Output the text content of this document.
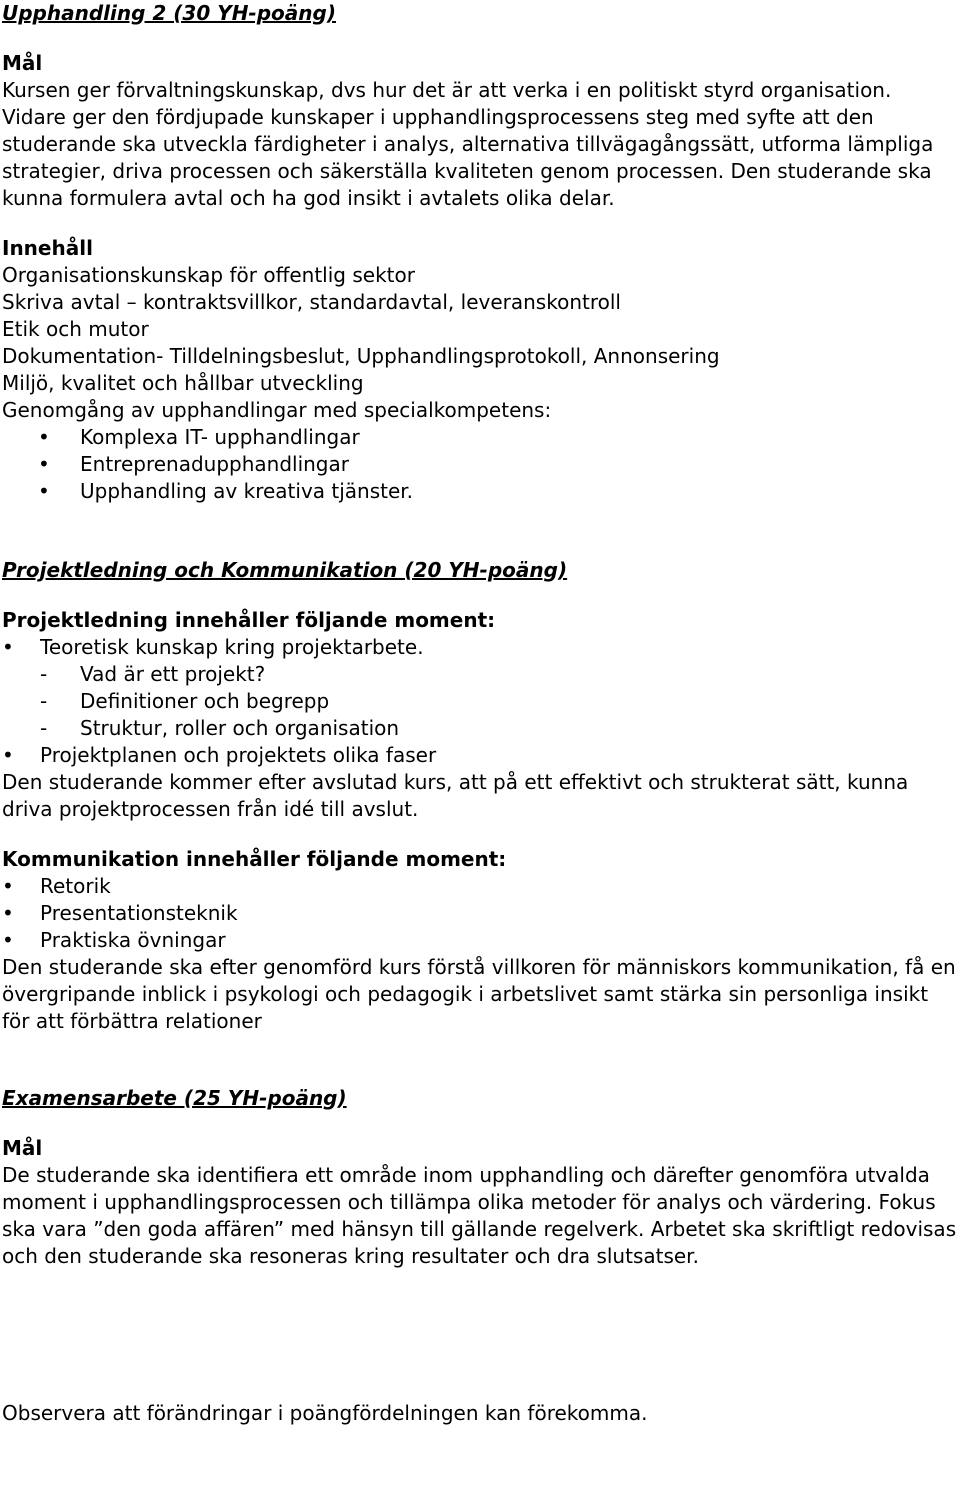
Upphandling 2 (30 YH-poäng)

Mål

Kursen ger förvaltningskunskap, dvs hur det är att verka i en politiskt styrd organisation. Vidare ger den fördjupade kunskaper i upphandlingsprocessens steg med syfte att den studerande ska utveckla färdigheter i analys, alternativa tillvägagångssätt, utforma lämpliga strategier, driva processen och säkerställa kvaliteten genom processen. Den studerande ska kunna formulera avtal och ha god insikt i avtalets olika delar.

Innehåll

Organisationskunskap för offentlig sektor

Skriva avtal – kontraktsvillkor, standardavtal, leveranskontroll

Etik och mutor

Dokumentation- Tilldelningsbeslut, Upphandlingsprotokoll, Annonsering

Miljö, kvalitet och hållbar utveckling

Genomgång av upphandlingar med specialkompetens:

• Komplexa IT- upphandlingar
• Entreprenadupphandlingar
• Upphandling av kreativa tjänster.
Projektledning och Kommunikation (20 YH-poäng)

Projektledning innehåller följande moment:

• Teoretisk kunskap kring projektarbete.
- Vad är ett projekt?
- Definitioner och begrepp
- Struktur, roller och organisation
• Projektplanen och projektets olika faser

Den studerande kommer efter avslutad kurs, att på ett effektivt och strukterat sätt, kunna driva projektprocessen från idé till avslut.

Kommunikation innehåller följande moment:

• Retorik
• Presentationsteknik
• Praktiska övningar

Den studerande ska efter genomförd kurs förstå villkoren för människors kommunikation, få en övergripande inblick i psykologi och pedagogik i arbetslivet samt stärka sin personliga insikt för att förbättra relationer

Examensarbete (25 YH-poäng)

Mål

De studerande ska identifiera ett område inom upphandling och därefter genomföra utvalda moment i upphandlingsprocessen och tillämpa olika metoder för analys och värdering. Fokus ska vara ”den goda affären” med hänsyn till gällande regelverk. Arbetet ska skriftligt redovisas och den studerande ska resoneras kring resultater och dra slutsatser.

Observera att förändringar i poängfördelningen kan förekomma.
